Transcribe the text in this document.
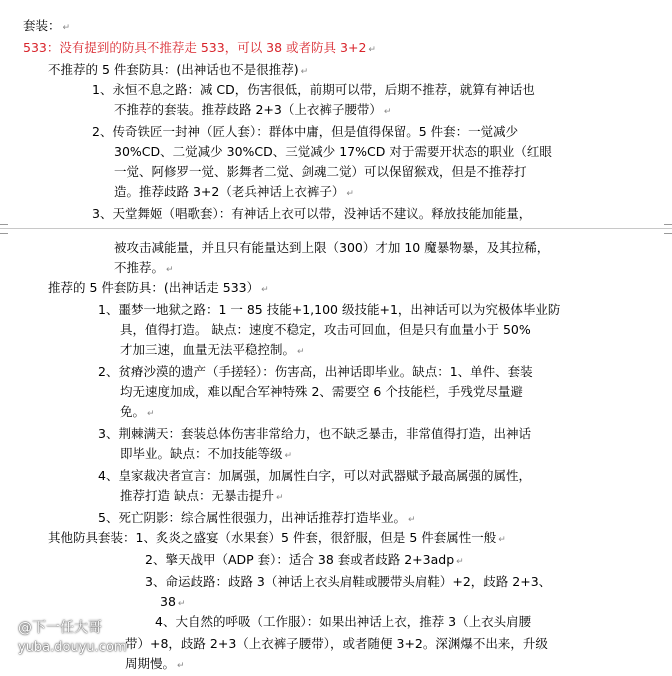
套装： ↵
533：没有提到的防具不推荐走 533，可以 38 或者防具 3+2 ↵
不推荐的 5 件套防具：(出神话也不是很推荐) ↵
1、永恒不息之路：减 CD，伤害很低，前期可以带，后期不推荐，就算有神话也
不推荐的套装。推荐歧路 2+3（上衣裤子腰带） ↵
2、传奇铁匠一封神（匠人套）：群体中庸，但是值得保留。5 件套：一觉减少
30%CD、二觉减少 30%CD、三觉减少 17%CD 对于需要开状态的职业（红眼
一觉、阿修罗一觉、影舞者二觉、剑魂二觉）可以保留猴戏，但是不推荐打
造。推荐歧路 3+2（老兵神话上衣裤子） ↵
3、天堂舞姬（唱歌套）：有神话上衣可以带，没神话不建议。释放技能加能量，
被攻击减能量，并且只有能量达到上限（300）才加 10 魔暴物暴，及其拉稀，
不推荐。 ↵
推荐的 5 件套防具：(出神话走 533） ↵
1、噩梦一地狱之路：1 一 85 技能+1,100 级技能+1，出神话可以为究极体毕业防
具，值得打造。 缺点：速度不稳定，攻击可回血，但是只有血量小于 50%
才加三速，血量无法平稳控制。 ↵
2、贫瘠沙漠的遗产（手搓轻）：伤害高，出神话即毕业。缺点：1、单件、套装
均无速度加成，难以配合军神特殊 2、需要空 6 个技能栏，手残党尽量避
免。 ↵
3、荆棘满天：套装总体伤害非常给力，也不缺乏暴击，非常值得打造，出神话
即毕业。缺点：不加技能等级 ↵
4、皇家裁决者宣言：加属强，加属性白字，可以对武器赋予最高属强的属性，
推荐打造 缺点：无暴击提升 ↵
5、死亡阴影：综合属性很强力，出神话推荐打造毕业。 ↵
其他防具套装：1、炙炎之盛宴（水果套）5 件套，很舒服，但是 5 件套属性一般 ↵
2、擎天战甲（ADP 套）：适合 38 套或者歧路 2+3adp ↵
3、命运歧路：歧路 3（神话上衣头肩鞋或腰带头肩鞋）+2，歧路 2+3、
38 ↵
4、大自然的呼吸（工作服）：如果出神话上衣，推荐 3（上衣头肩腰
带）+8，歧路 2+3（上衣裤子腰带），或者随便 3+2。深渊爆不出来，升级
周期慢。 ↵
@下一任大哥
yuba.douyu.com
